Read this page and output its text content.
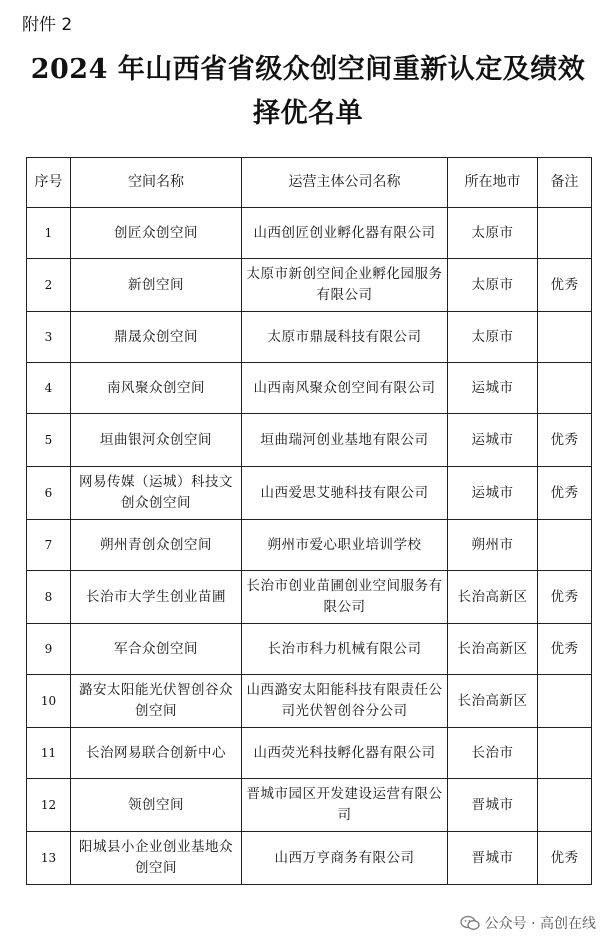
附件 2
2024 年山西省省级众创空间重新认定及绩效
择优名单
序号	空间名称	运营主体公司名称	所在地市	备注
1	创匠众创空间	山西创匠创业孵化器有限公司	太原市	
2	新创空间	太原市新创空间企业孵化园服务有限公司	太原市	优秀
3	鼎晟众创空间	太原市鼎晟科技有限公司	太原市	
4	南风聚众创空间	山西南风聚众创空间有限公司	运城市	
5	垣曲银河众创空间	垣曲瑞河创业基地有限公司	运城市	优秀
6	网易传媒（运城）科技文创众创空间	山西爱思艾驰科技有限公司	运城市	优秀
7	朔州青创众创空间	朔州市爱心职业培训学校	朔州市	
8	长治市大学生创业苗圃	长治市创业苗圃创业空间服务有限公司	长治高新区	优秀
9	军合众创空间	长治市科力机械有限公司	长治高新区	优秀
10	潞安太阳能光伏智创谷众创空间	山西潞安太阳能科技有限责任公司光伏智创谷分公司	长治高新区	
11	长治网易联合创新中心	山西荧光科技孵化器有限公司	长治市	
12	领创空间	晋城市园区开发建设运营有限公司	晋城市	
13	阳城县小企业创业基地众创空间	山西万亨商务有限公司	晋城市	优秀
公众号 · 高创在线
